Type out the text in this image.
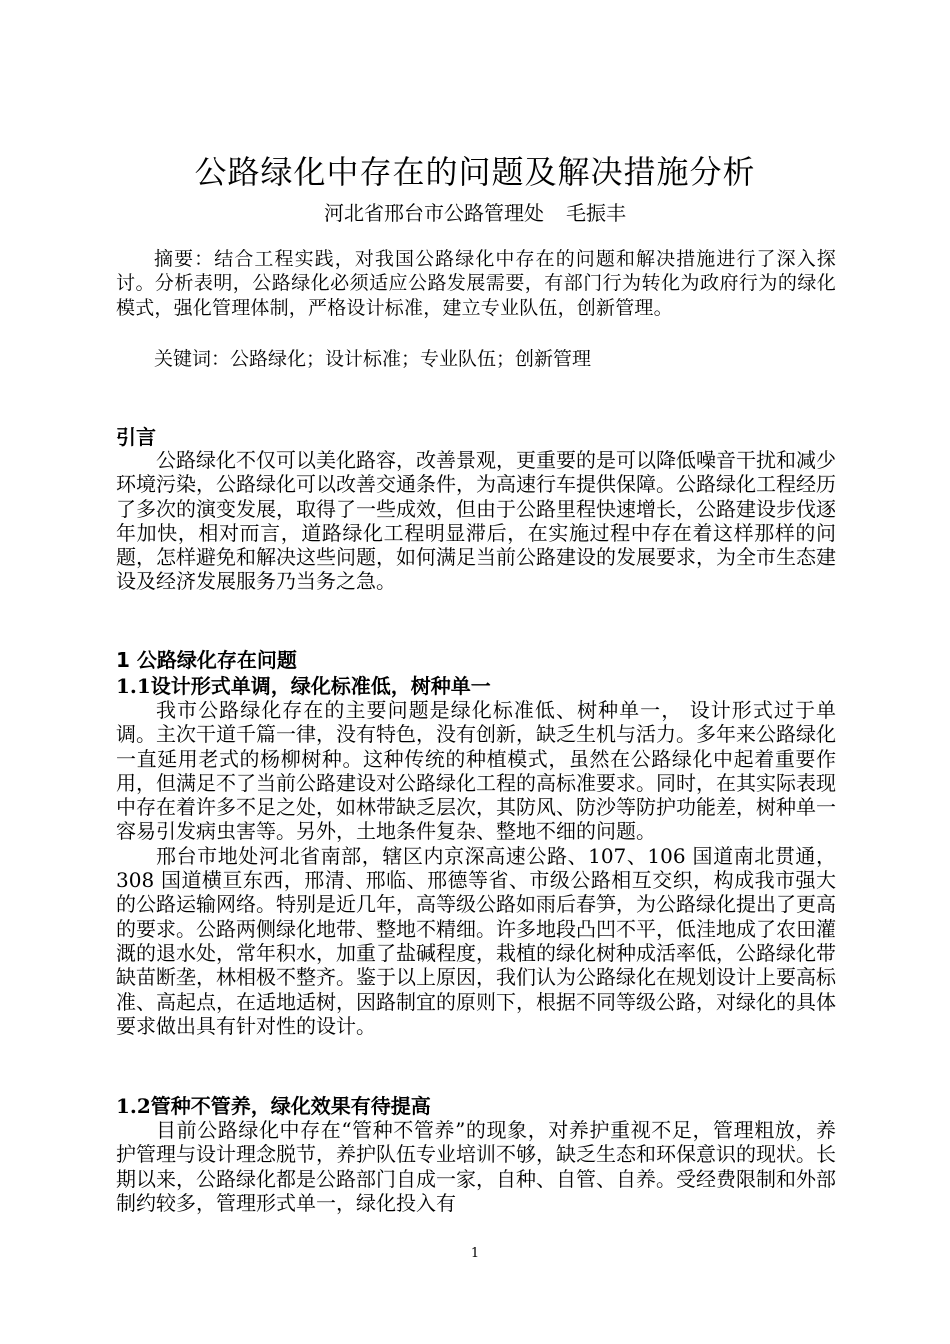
公路绿化中存在的问题及解决措施分析
河北省邢台市公路管理处 毛振丰

摘要：结合工程实践，对我国公路绿化中存在的问题和解决措施进行了深入探讨。分析表明，公路绿化必须适应公路发展需要，有部门行为转化为政府行为的绿化模式，强化管理体制，严格设计标准，建立专业队伍，创新管理。

关键词：公路绿化；设计标准；专业队伍；创新管理
引言

公路绿化不仅可以美化路容，改善景观，更重要的是可以降低噪音干扰和减少环境污染，公路绿化可以改善交通条件，为高速行车提供保障。公路绿化工程经历了多次的演变发展，取得了一些成效，但由于公路里程快速增长，公路建设步伐逐年加快，相对而言，道路绿化工程明显滞后，在实施过程中存在着这样那样的问题，怎样避免和解决这些问题，如何满足当前公路建设的发展要求，为全市生态建设及经济发展服务乃当务之急。

1 公路绿化存在问题
1.1设计形式单调，绿化标准低，树种单一

我市公路绿化存在的主要问题是绿化标准低、树种单一， 设计形式过于单调。主次干道千篇一律，没有特色，没有创新，缺乏生机与活力。多年来公路绿化一直延用老式的杨柳树种。这种传统的种植模式，虽然在公路绿化中起着重要作用，但满足不了当前公路建设对公路绿化工程的高标准要求。同时，在其实际表现中存在着许多不足之处，如林带缺乏层次，其防风、防沙等防护功能差，树种单一容易引发病虫害等。另外，土地条件复杂、整地不细的问题。

邢台市地处河北省南部，辖区内京深高速公路、107、106 国道南北贯通，308 国道横亘东西，邢清、邢临、邢德等省、市级公路相互交织，构成我市强大的公路运输网络。特别是近几年，高等级公路如雨后春笋，为公路绿化提出了更高的要求。公路两侧绿化地带、整地不精细。许多地段凸凹不平，低洼地成了农田灌溉的退水处，常年积水，加重了盐碱程度，栽植的绿化树种成活率低，公路绿化带缺苗断垄，林相极不整齐。鉴于以上原因，我们认为公路绿化在规划设计上要高标准、高起点，在适地适树，因路制宜的原则下，根据不同等级公路，对绿化的具体要求做出具有针对性的设计。

1.2管种不管养，绿化效果有待提高

目前公路绿化中存在“管种不管养”的现象，对养护重视不足，管理粗放，养护管理与设计理念脱节，养护队伍专业培训不够，缺乏生态和环保意识的现状。长期以来，公路绿化都是公路部门自成一家，自种、自管、自养。受经费限制和外部制约较多，管理形式单一，绿化投入有

1
